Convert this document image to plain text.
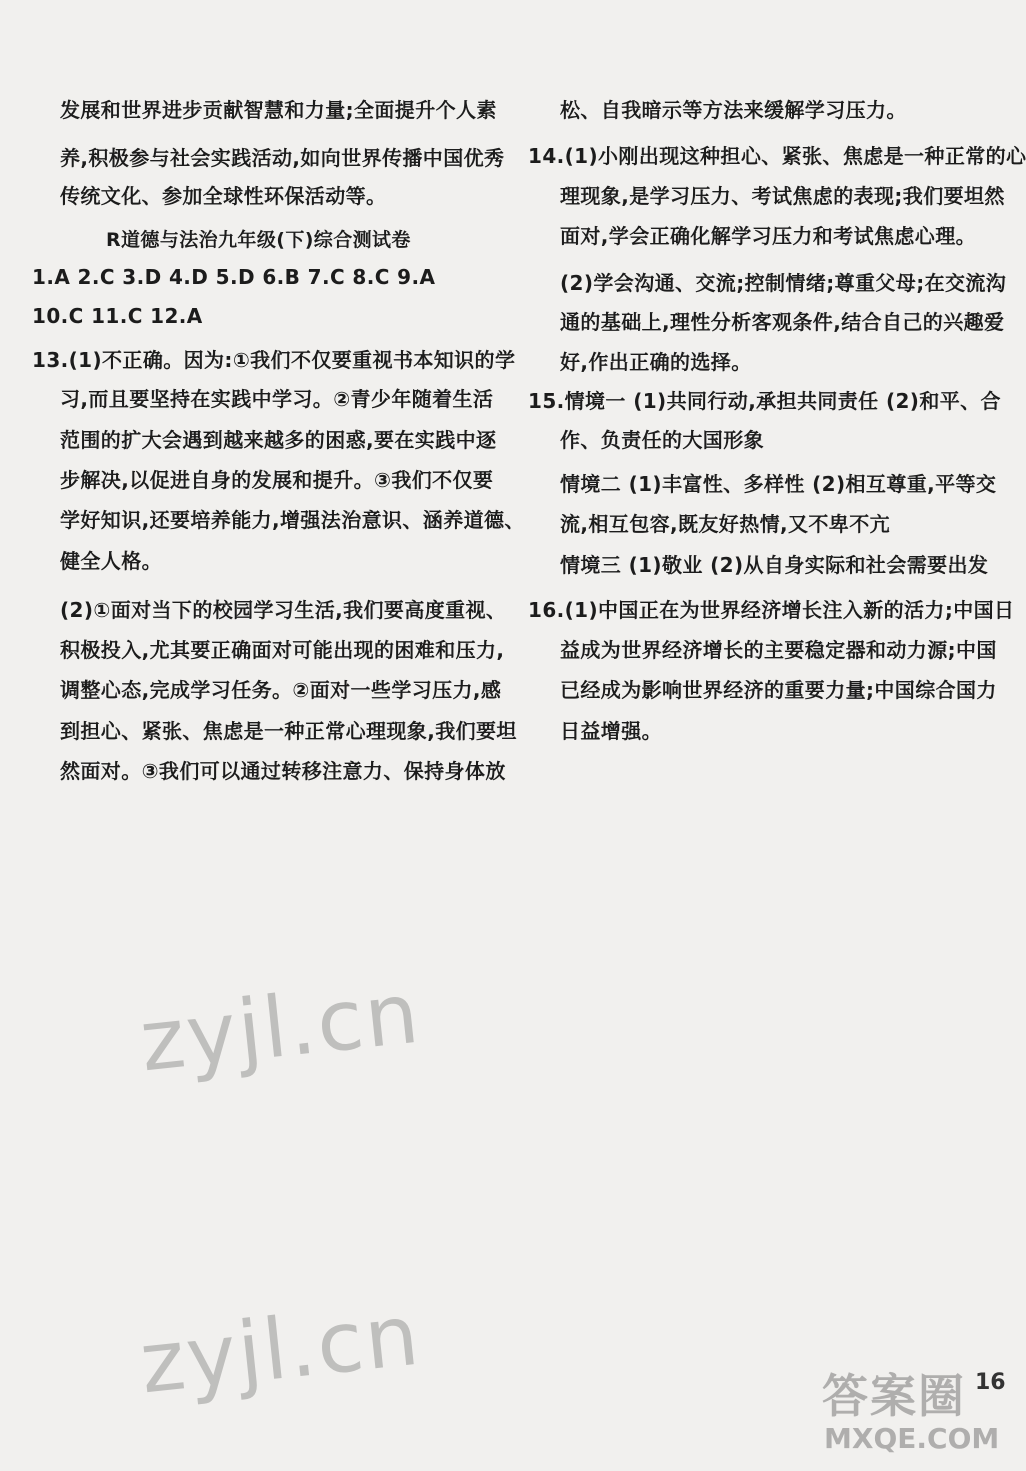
发展和世界进步贡献智慧和力量;全面提升个人素
养,积极参与社会实践活动,如向世界传播中国优秀
传统文化、参加全球性环保活动等。
R道德与法治九年级(下)综合测试卷
1.A 2.C 3.D 4.D 5.D 6.B 7.C 8.C 9.A
10.C 11.C 12.A
13.(1)不正确。因为:①我们不仅要重视书本知识的学
习,而且要坚持在实践中学习。②青少年随着生活
范围的扩大会遇到越来越多的困惑,要在实践中逐
步解决,以促进自身的发展和提升。③我们不仅要
学好知识,还要培养能力,增强法治意识、涵养道德、
健全人格。
(2)①面对当下的校园学习生活,我们要高度重视、
积极投入,尤其要正确面对可能出现的困难和压力,
调整心态,完成学习任务。②面对一些学习压力,感
到担心、紧张、焦虑是一种正常心理现象,我们要坦
然面对。③我们可以通过转移注意力、保持身体放
松、自我暗示等方法来缓解学习压力。
14.(1)小刚出现这种担心、紧张、焦虑是一种正常的心
理现象,是学习压力、考试焦虑的表现;我们要坦然
面对,学会正确化解学习压力和考试焦虑心理。
(2)学会沟通、交流;控制情绪;尊重父母;在交流沟
通的基础上,理性分析客观条件,结合自己的兴趣爱
好,作出正确的选择。
15.情境一 (1)共同行动,承担共同责任 (2)和平、合
作、负责任的大国形象
情境二 (1)丰富性、多样性 (2)相互尊重,平等交
流,相互包容,既友好热情,又不卑不亢
情境三 (1)敬业 (2)从自身实际和社会需要出发
16.(1)中国正在为世界经济增长注入新的活力;中国日
益成为世界经济增长的主要稳定器和动力源;中国
已经成为影响世界经济的重要力量;中国综合国力
日益增强。
zyjl.cn
zyjl.cn	答案圈
MXQE.COM
16
